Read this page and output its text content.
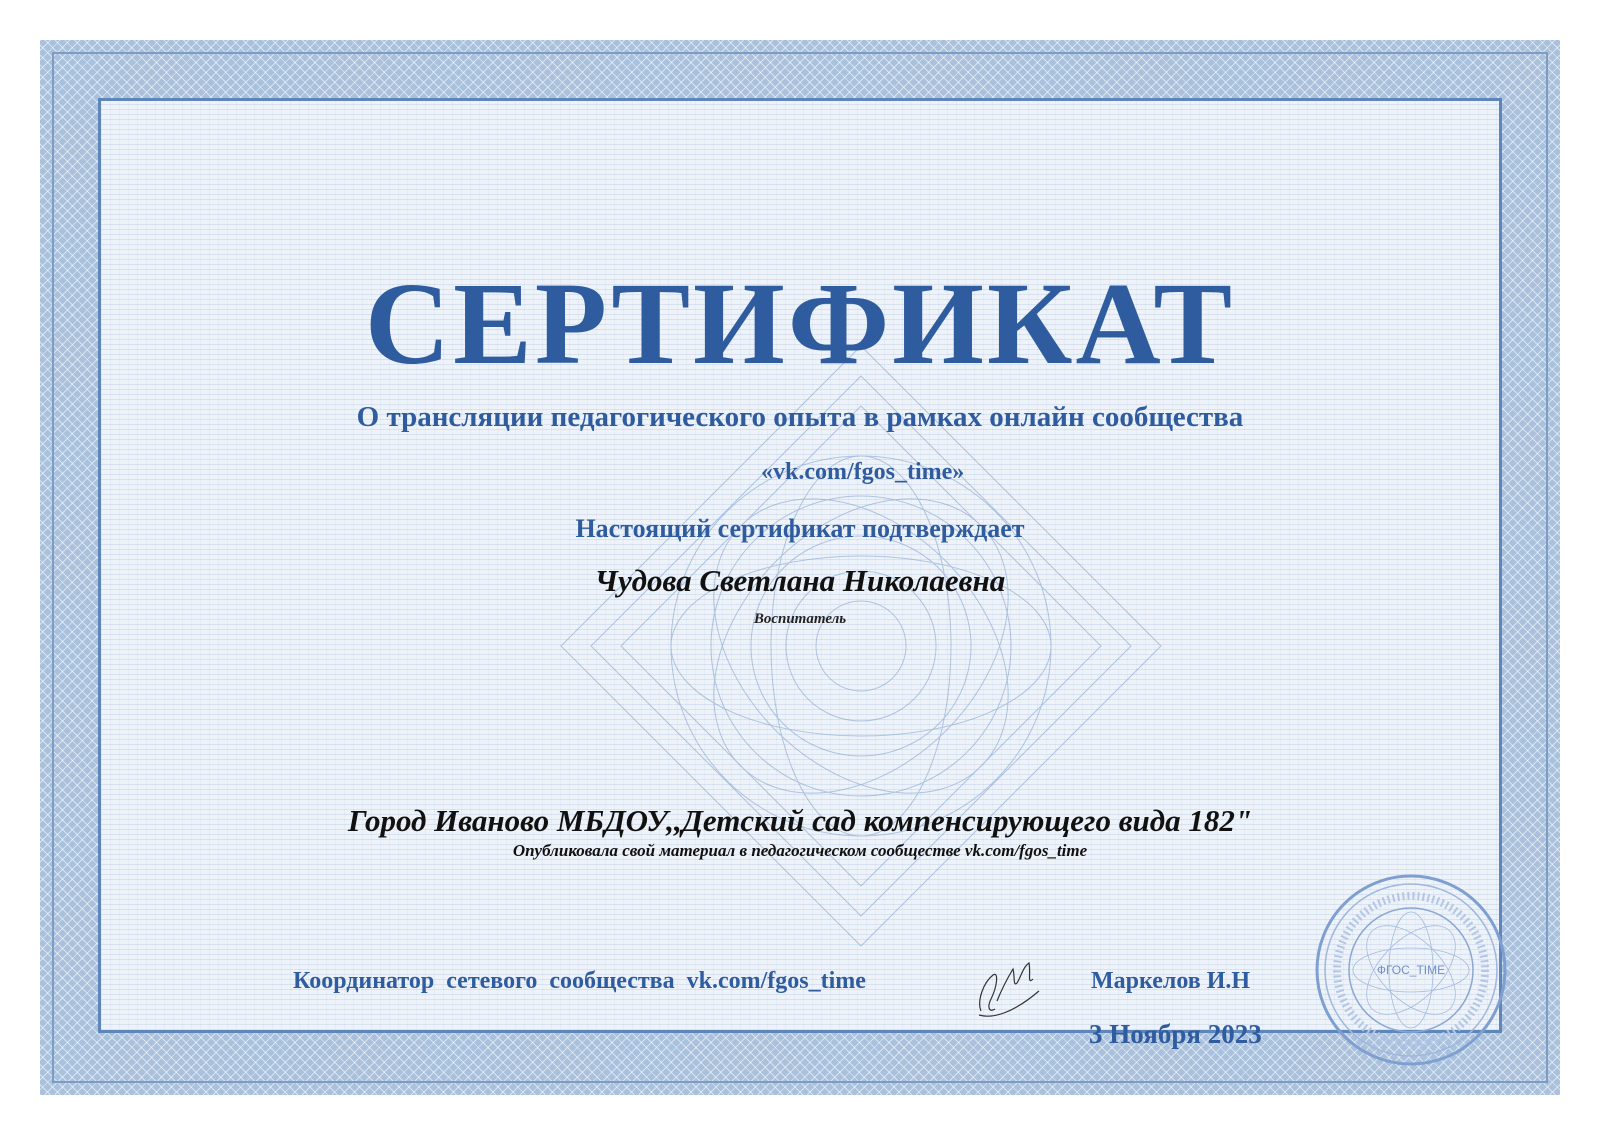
СЕРТИФИКАТ
О трансляции педагогического опыта в рамках онлайн сообщества
«vk.com/fgos_time»
Настоящий сертификат подтверждает
Чудова Светлана Николаевна
Воспитатель
Город Иваново МБДОУ,,Детский сад компенсирующего вида 182"
Опубликовала свой материал в педагогическом сообществе vk.com/fgos_time
Координатор сетевого сообщества vk.com/fgos_time	Маркелов И.Н
3 Ноября 2023
ФГОС_TIME
